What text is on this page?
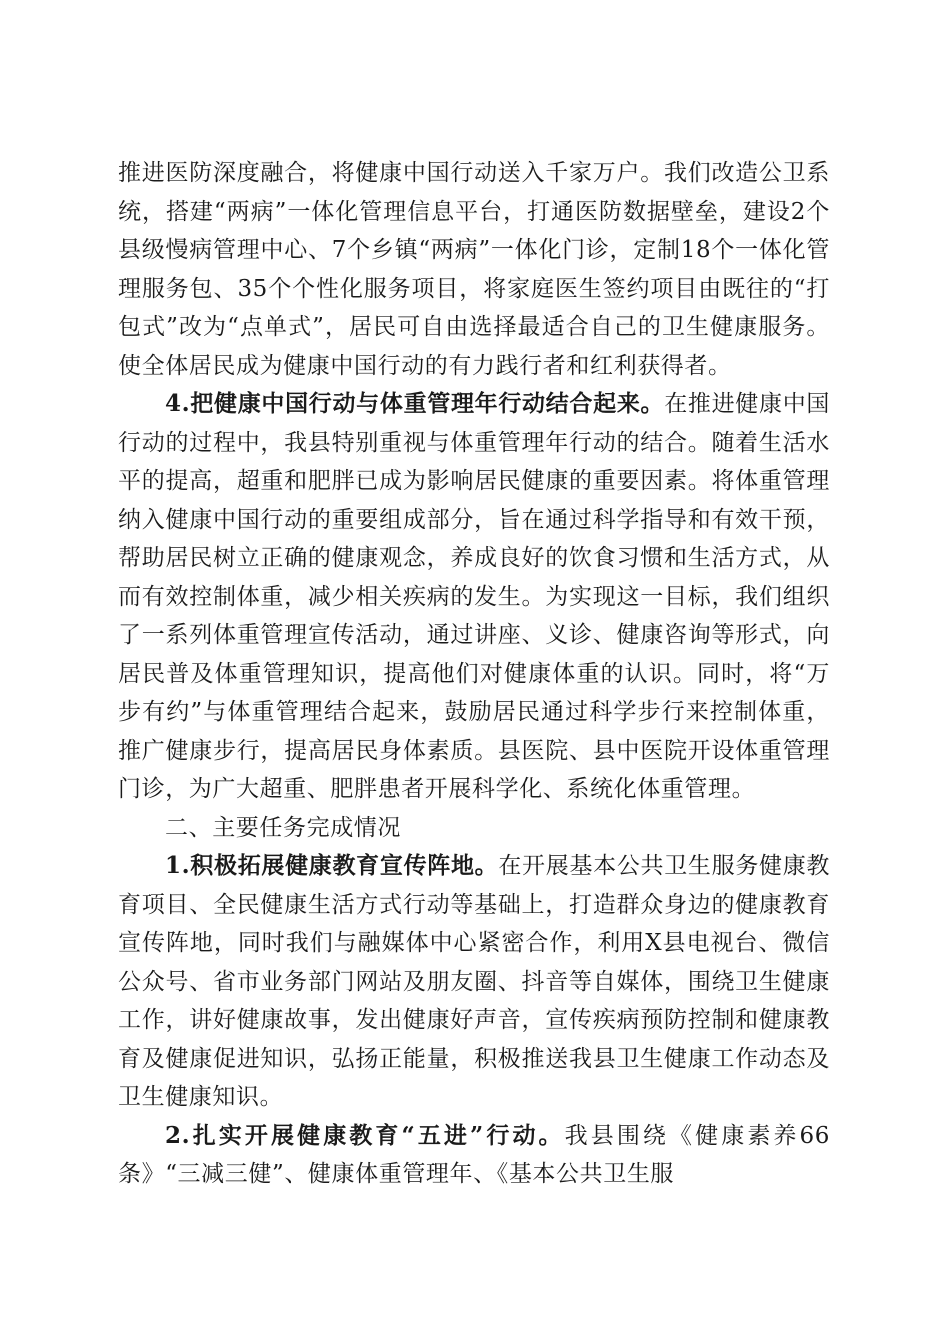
推进医防深度融合，将健康中国行动送入千家万户。我们改造公卫系统，搭建“两病”一体化管理信息平台，打通医防数据壁垒，建设2个县级慢病管理中心、7个乡镇“两病”一体化门诊，定制18个一体化管理服务包、35个个性化服务项目，将家庭医生签约项目由既往的“打包式”改为“点单式”，居民可自由选择最适合自己的卫生健康服务。使全体居民成为健康中国行动的有力践行者和红利获得者。

4.把健康中国行动与体重管理年行动结合起来。在推进健康中国行动的过程中，我县特别重视与体重管理年行动的结合。随着生活水平的提高，超重和肥胖已成为影响居民健康的重要因素。将体重管理纳入健康中国行动的重要组成部分，旨在通过科学指导和有效干预，帮助居民树立正确的健康观念，养成良好的饮食习惯和生活方式，从而有效控制体重，减少相关疾病的发生。为实现这一目标，我们组织了一系列体重管理宣传活动，通过讲座、义诊、健康咨询等形式，向居民普及体重管理知识，提高他们对健康体重的认识。同时，将“万步有约”与体重管理结合起来，鼓励居民通过科学步行来控制体重，推广健康步行，提高居民身体素质。县医院、县中医院开设体重管理门诊，为广大超重、肥胖患者开展科学化、系统化体重管理。

二、主要任务完成情况

1.积极拓展健康教育宣传阵地。在开展基本公共卫生服务健康教育项目、全民健康生活方式行动等基础上，打造群众身边的健康教育宣传阵地，同时我们与融媒体中心紧密合作，利用X县电视台、微信公众号、省市业务部门网站及朋友圈、抖音等自媒体，围绕卫生健康工作，讲好健康故事，发出健康好声音，宣传疾病预防控制和健康教育及健康促进知识，弘扬正能量，积极推送我县卫生健康工作动态及卫生健康知识。

2.扎实开展健康教育“五进”行动。我县围绕《健康素养66条》“三减三健”、健康体重管理年、《基本公共卫生服
